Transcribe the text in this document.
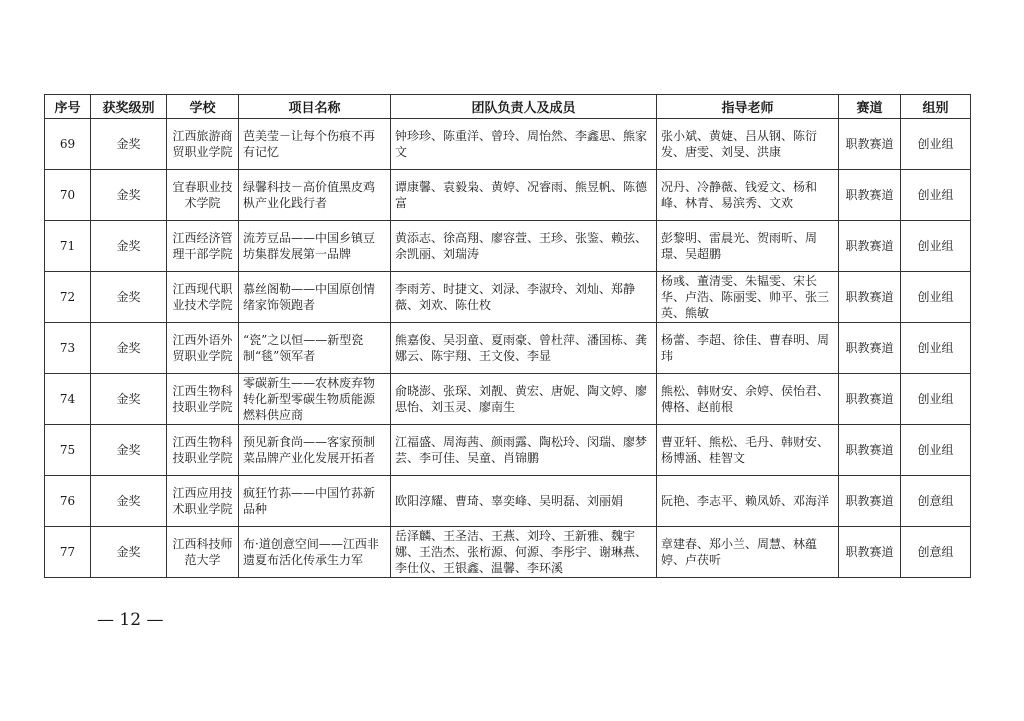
序号	获奖级别	学校	项目名称	团队负责人及成员	指导老师	赛道	组别
69	金奖	江西旅游商贸职业学院	芭美莹－让每个伤痕不再有记忆	钟珍珍、陈重洋、曾玲、周怡然、李鑫思、熊家文	张小斌、黄婕、吕从钢、陈衍发、唐雯、刘旻、洪康	职教赛道	创业组
70	金奖	宜春职业技术学院	绿馨科技－高价值黑皮鸡枞产业化践行者	谭康馨、袁毅枭、黄婷、况睿雨、熊昱帆、陈德富	况丹、冷静薇、钱爱文、杨和峰、林青、易滨秀、文欢	职教赛道	创业组
71	金奖	江西经济管理干部学院	流芳豆品——中国乡镇豆坊集群发展第一品牌	黄添志、徐高翔、廖容萱、王珍、张鉴、赖弦、余凯丽、刘瑞涛	彭黎明、雷晨光、贺雨昕、周璟、吴超鹏	职教赛道	创业组
72	金奖	江西现代职业技术学院	慕丝阁勒——中国原创情绪家饰领跑者	李雨芳、时捷文、刘渌、李淑玲、刘灿、郑静薇、刘欢、陈仕枚	杨彧、董清雯、朱韫雯、宋长华、卢浩、陈丽雯、帅平、张三英、熊敏	职教赛道	创业组
73	金奖	江西外语外贸职业学院	“瓷”之以恒——新型瓷制“毯”领军者	熊嘉俊、吴羽童、夏雨豪、曾杜萍、潘国栋、龚娜云、陈宇翔、王文俊、李显	杨蕾、李超、徐佳、曹春明、周玮	职教赛道	创业组
74	金奖	江西生物科技职业学院	零碳新生——农林废弃物转化新型零碳生物质能源燃料供应商	俞晓澎、张琛、刘靓、黄宏、唐妮、陶文婷、廖思怡、刘玉灵、廖南生	熊松、韩财安、余婷、侯怡君、傅格、赵前根	职教赛道	创业组
75	金奖	江西生物科技职业学院	预见新食尚——客家预制菜品牌产业化发展开拓者	江福盛、周海茜、颜雨露、陶松玲、闵瑞、廖梦芸、李可佳、吴童、肖锦鹏	曹亚轩、熊松、毛丹、韩财安、杨博涵、桂智文	职教赛道	创业组
76	金奖	江西应用技术职业学院	疯狂竹荪——中国竹荪新品种	欧阳淳耀、曹琦、辜奕峰、吴明磊、刘丽娟	阮艳、李志平、赖凤娇、邓海洋	职教赛道	创意组
77	金奖	江西科技师范大学	布·道创意空间——江西非遗夏布活化传承生力军	岳泽麟、王圣洁、王燕、刘玲、王新雅、魏宇娜、王浩杰、张桁源、何源、李彤宇、谢琳燕、李仕仪、王银鑫、温馨、李环溪	章建春、郑小兰、周慧、林蕴婷、卢茯听	职教赛道	创意组
— 12 —
